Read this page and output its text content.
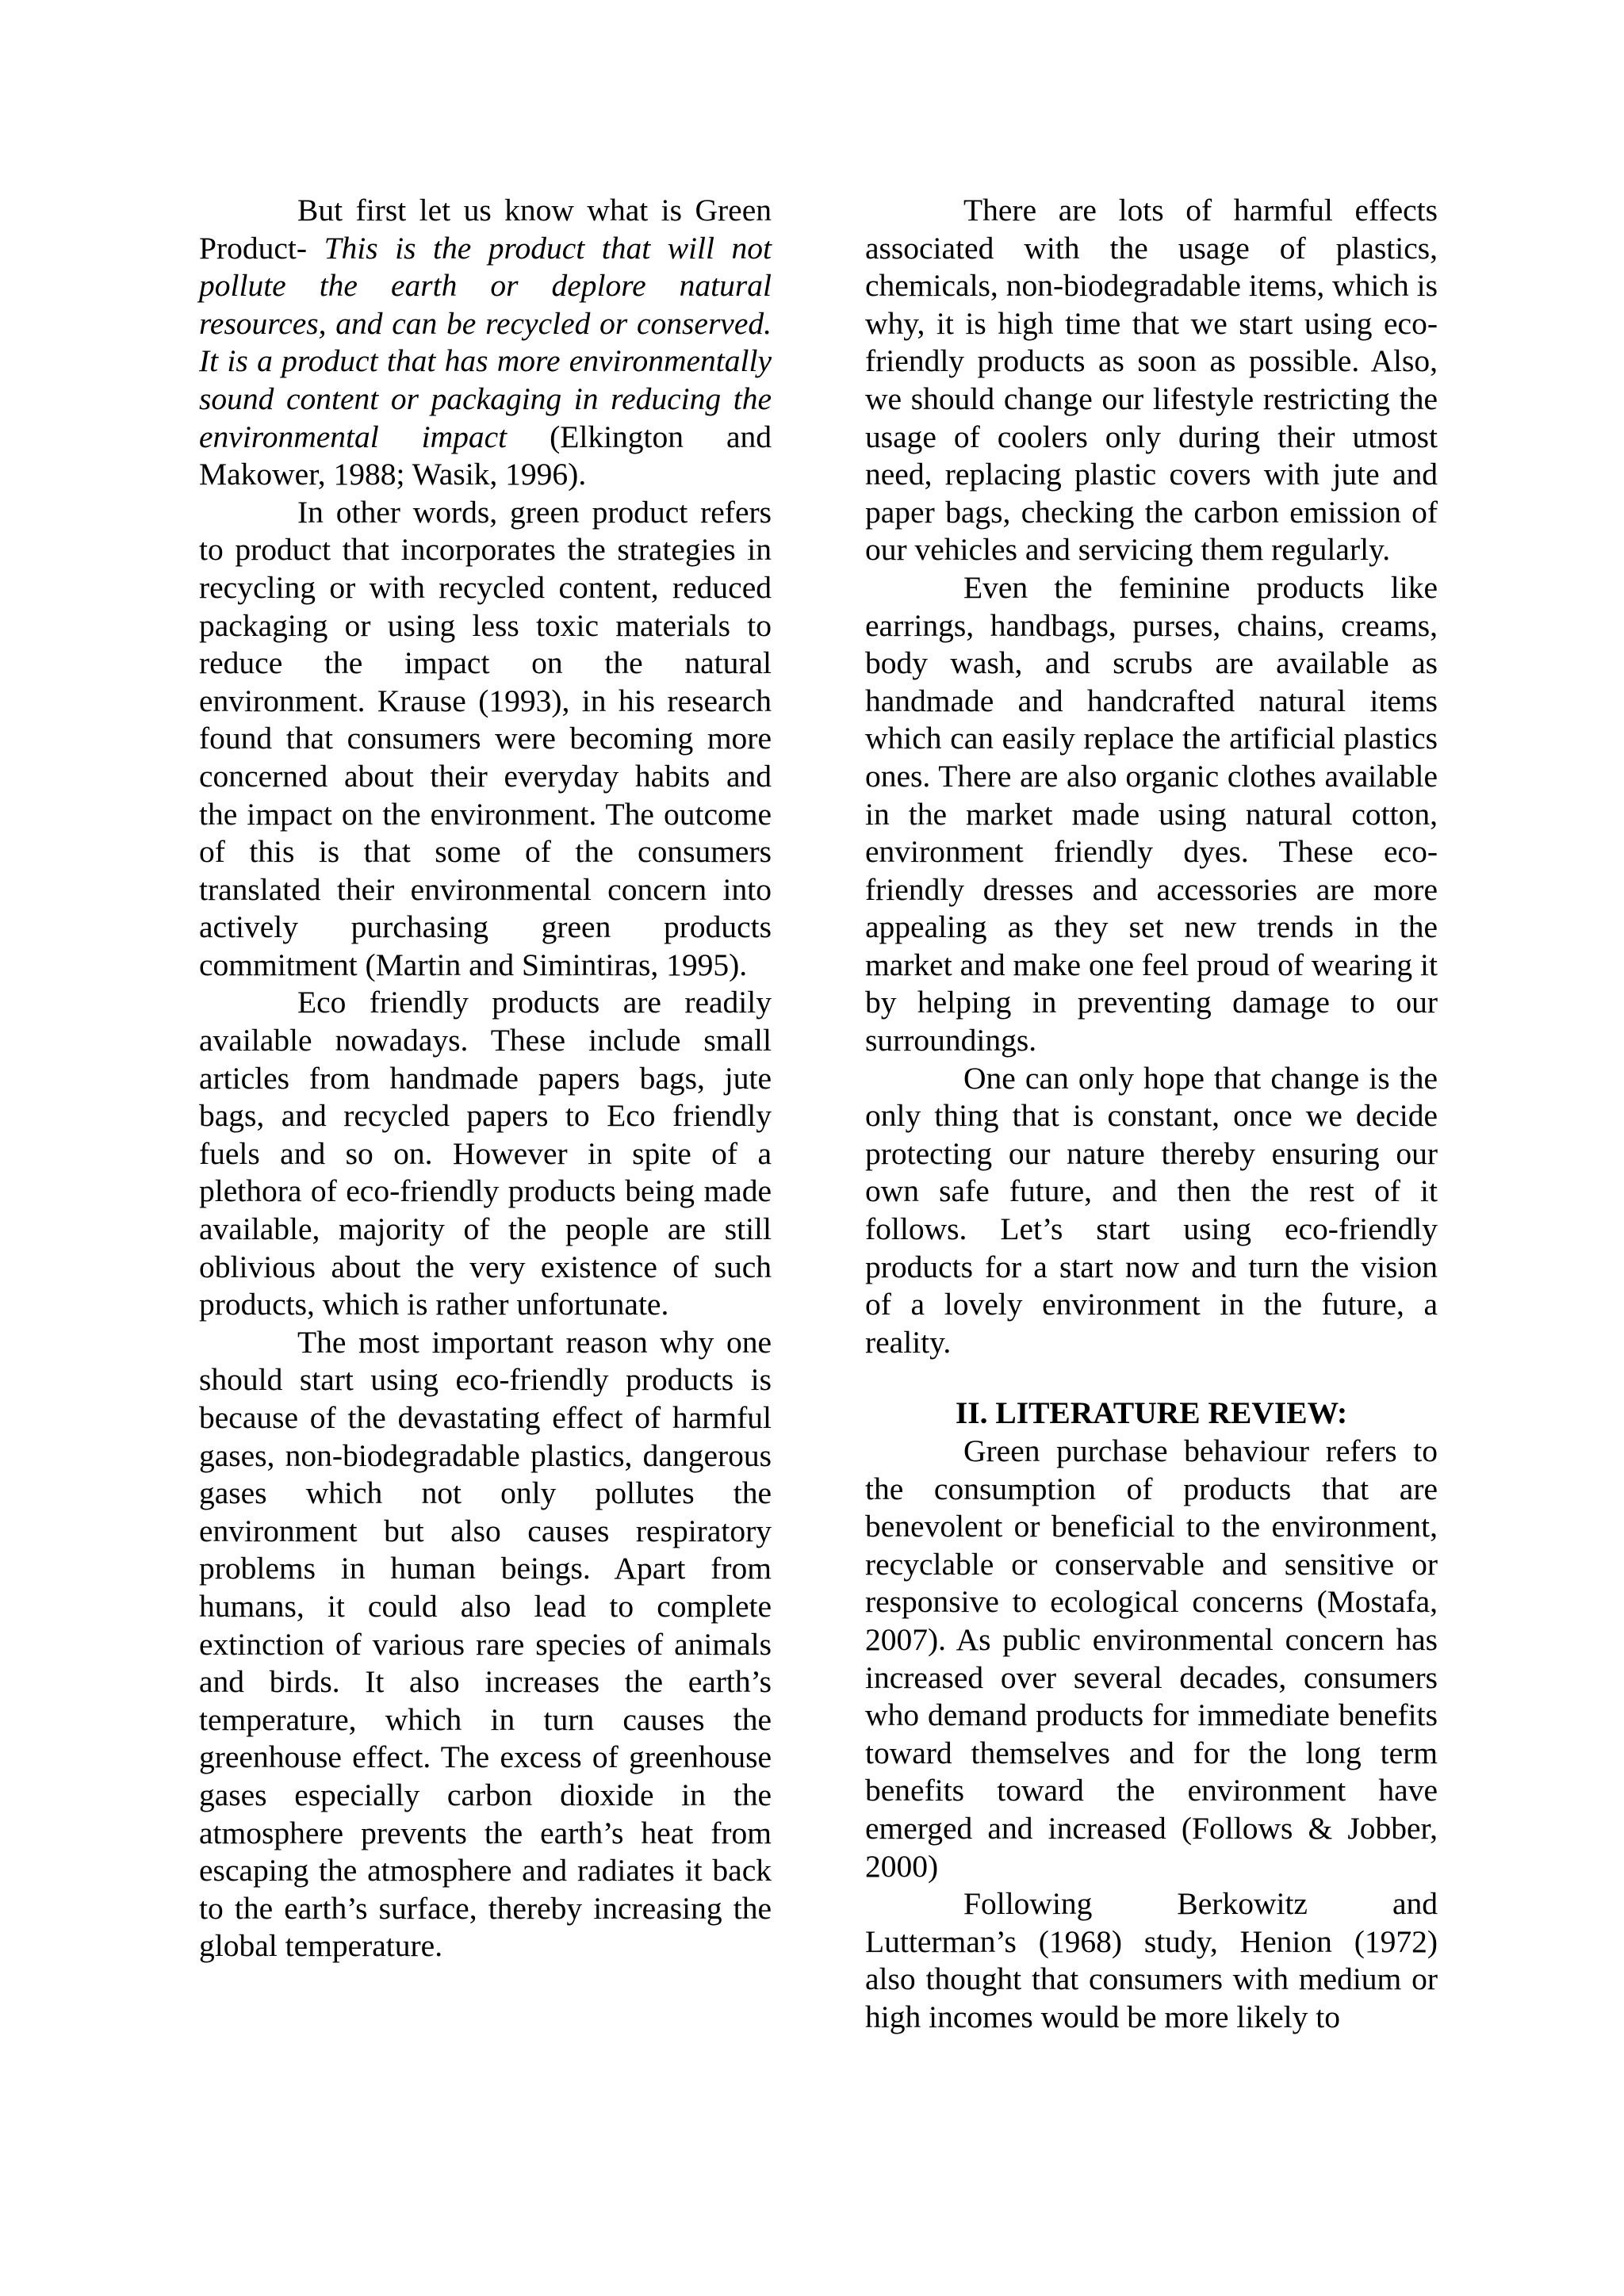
But first let us know what is Green Product- This is the product that will not pollute the earth or deplore natural resources, and can be recycled or conserved. It is a product that has more environmentally sound content or packaging in reducing the environmental impact (Elkington and Makower, 1988; Wasik, 1996).

In other words, green product refers to product that incorporates the strategies in recycling or with recycled content, reduced packaging or using less toxic materials to reduce the impact on the natural environment. Krause (1993), in his research found that consumers were becoming more concerned about their everyday habits and the impact on the environment. The outcome of this is that some of the consumers translated their environmental concern into actively purchasing green products commitment (Martin and Simintiras, 1995).

Eco friendly products are readily available nowadays. These include small articles from handmade papers bags, jute bags, and recycled papers to Eco friendly fuels and so on. However in spite of a plethora of eco-friendly products being made available, majority of the people are still oblivious about the very existence of such products, which is rather unfortunate.

The most important reason why one should start using eco-friendly products is because of the devastating effect of harmful gases, non-biodegradable plastics, dangerous gases which not only pollutes the environment but also causes respiratory problems in human beings. Apart from humans, it could also lead to complete extinction of various rare species of animals and birds. It also increases the earth’s temperature, which in turn causes the greenhouse effect. The excess of greenhouse gases especially carbon dioxide in the atmosphere prevents the earth’s heat from escaping the atmosphere and radiates it back to the earth’s surface, thereby increasing the global temperature.

There are lots of harmful effects associated with the usage of plastics, chemicals, non-biodegradable items, which is why, it is high time that we start using eco-friendly products as soon as possible. Also, we should change our lifestyle restricting the usage of coolers only during their utmost need, replacing plastic covers with jute and paper bags, checking the carbon emission of our vehicles and servicing them regularly.

Even the feminine products like earrings, handbags, purses, chains, creams, body wash, and scrubs are available as handmade and handcrafted natural items which can easily replace the artificial plastics ones. There are also organic clothes available in the market made using natural cotton, environment friendly dyes. These eco-friendly dresses and accessories are more appealing as they set new trends in the market and make one feel proud of wearing it by helping in preventing damage to our surroundings.

One can only hope that change is the only thing that is constant, once we decide protecting our nature thereby ensuring our own safe future, and then the rest of it follows. Let’s start using eco-friendly products for a start now and turn the vision of a lovely environment in the future, a reality.

II. LITERATURE REVIEW:

Green purchase behaviour refers to the consumption of products that are benevolent or beneficial to the environment, recyclable or conservable and sensitive or responsive to ecological concerns (Mostafa, 2007). As public environmental concern has increased over several decades, consumers who demand products for immediate benefits toward themselves and for the long term benefits toward the environment have emerged and increased (Follows & Jobber, 2000)

Following Berkowitz and Lutterman’s (1968) study, Henion (1972) also thought that consumers with medium or high incomes would be more likely to
